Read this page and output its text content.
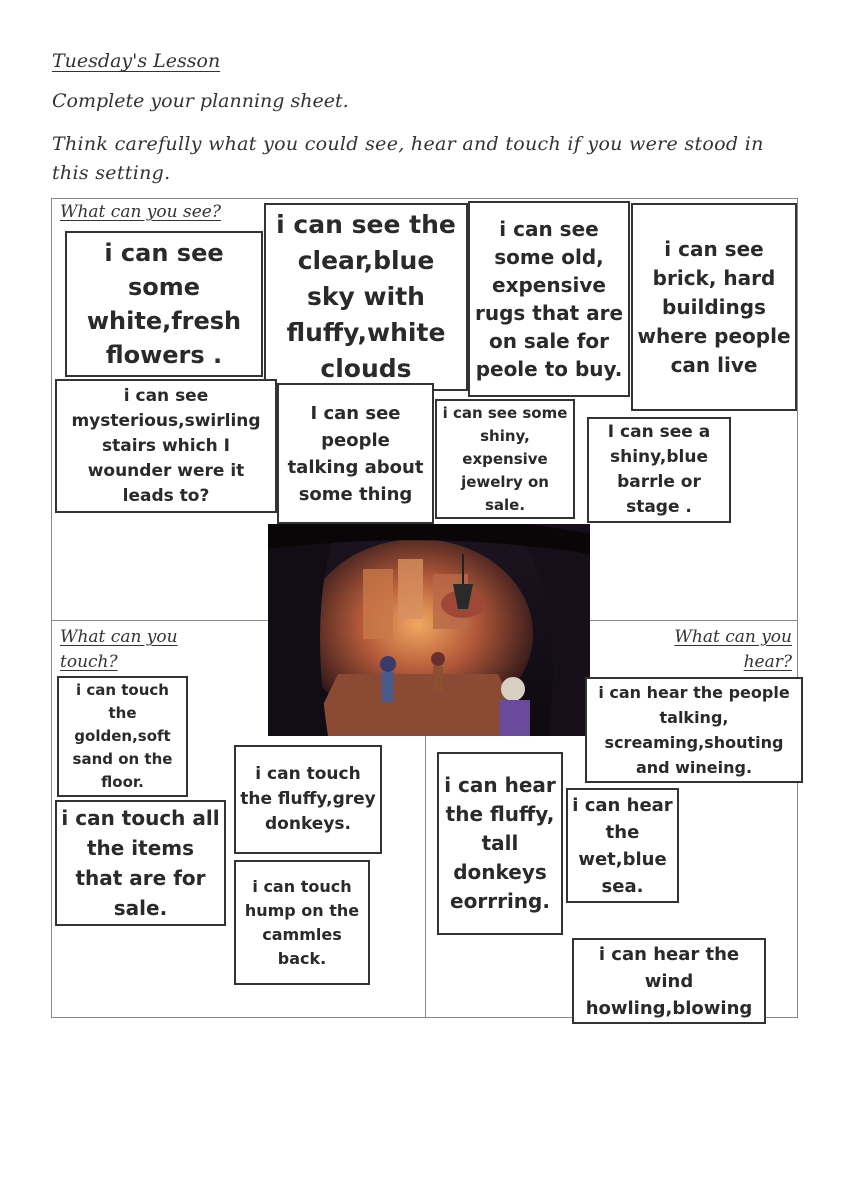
Tuesday's Lesson
Complete your planning sheet.
Think carefully what you could see, hear and touch if you were stood in this setting.
What can you see?
What can you touch?
What can you hear?
i can see some white,fresh flowers .
i can see the clear,blue sky with fluffy,white clouds
i can see some old, expensive rugs that are on sale for peole to buy.
i can see brick, hard buildings where people can live
i can see mysterious,swirling stairs which I wounder were it leads to?
I can see people talking about some thing
i can see some shiny, expensive jewelry on sale.
I can see a shiny,blue barrle or stage .
i can touch the golden,soft sand on the floor.
i can touch all the items that are for sale.
i can touch the fluffy,grey donkeys.
i can touch hump on the cammles back.
i can hear the people talking, screaming,shouting and wineing.
i can hear the fluffy, tall donkeys eorrring.
i can hear the wet,blue sea.
i can hear the wind howling,blowing
